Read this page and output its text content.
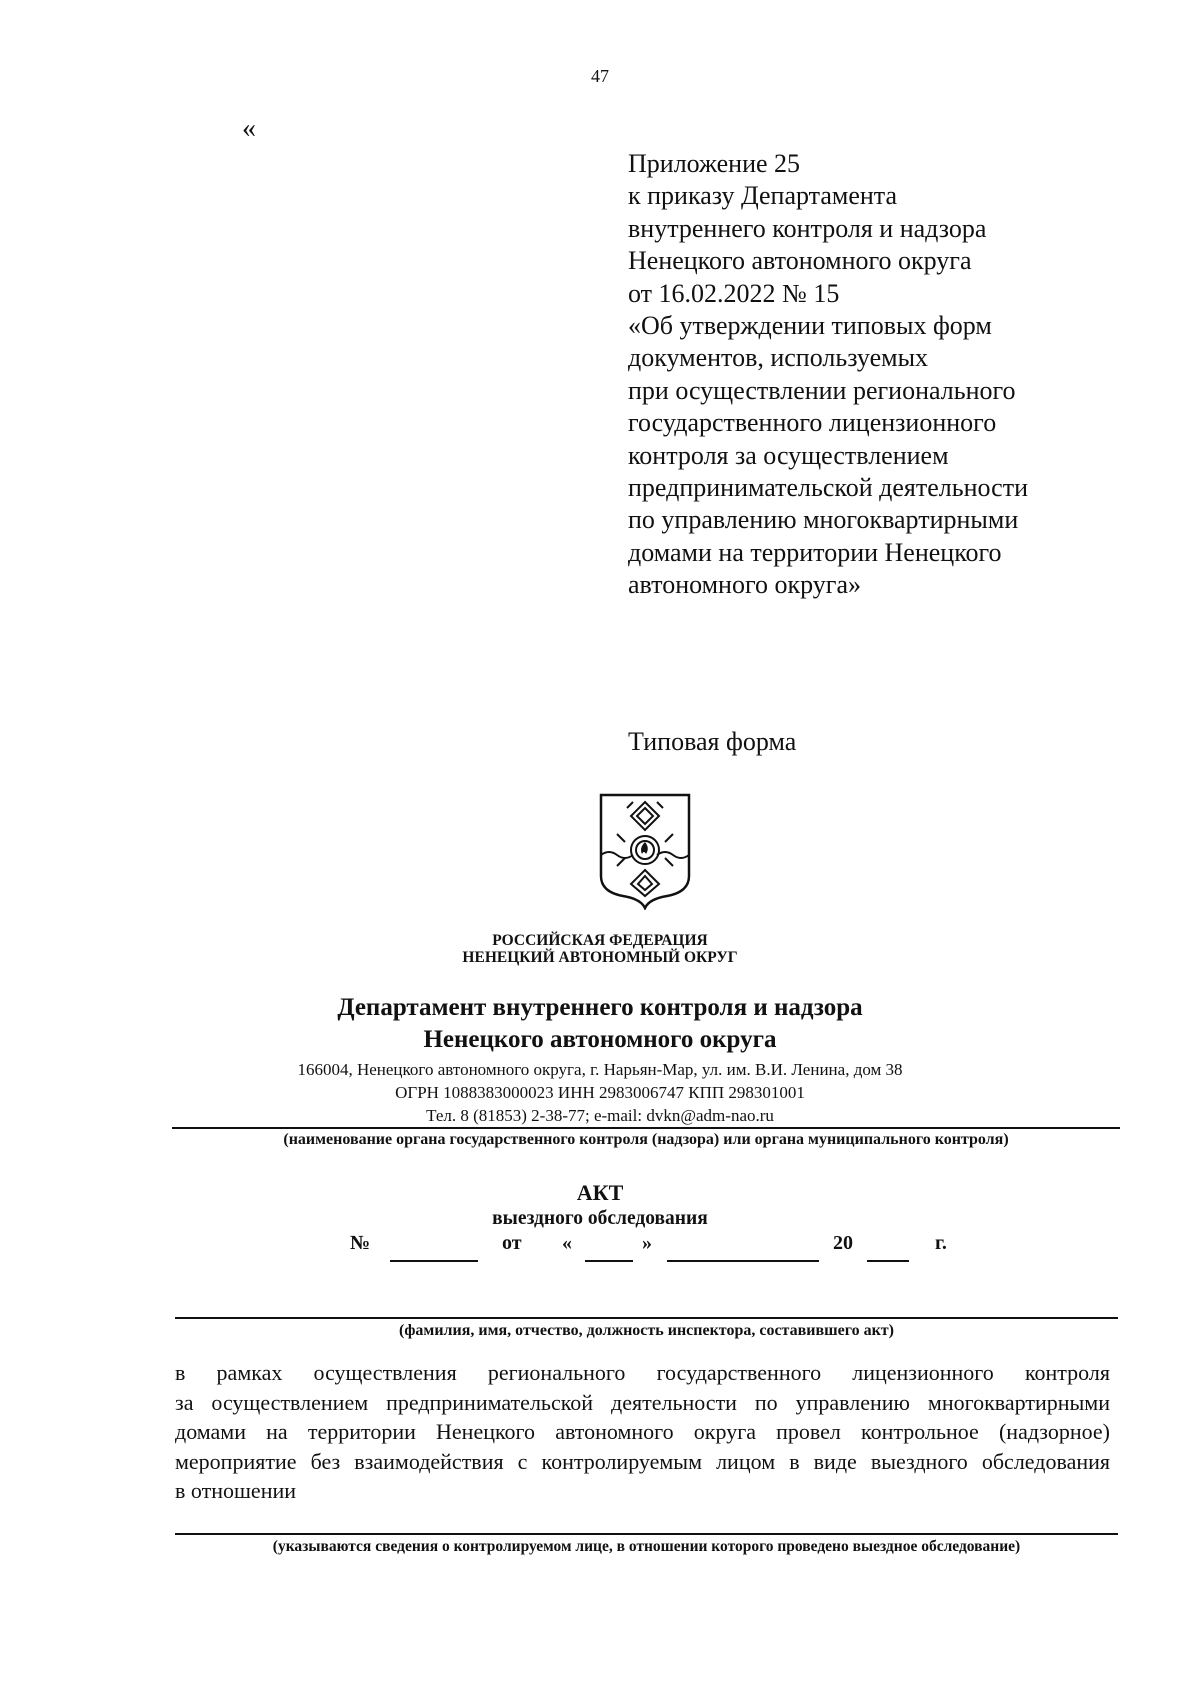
47
«
Приложение 25
к приказу Департамента
внутреннего контроля и надзора
Ненецкого автономного округа
от 16.02.2022 № 15
«Об утверждении типовых форм
документов, используемых
при осуществлении регионального
государственного лицензионного
контроля за осуществлением
предпринимательской деятельности
по управлению многоквартирными
домами на территории Ненецкого
автономного округа»
Типовая форма
РОССИЙСКАЯ ФЕДЕРАЦИЯ
НЕНЕЦКИЙ АВТОНОМНЫЙ ОКРУГ
Департамент внутреннего контроля и надзора
Ненецкого автономного округа
166004, Ненецкого автономного округа, г. Нарьян-Мар, ул. им. В.И. Ленина, дом 38
ОГРН 1088383000023 ИНН 2983006747 КПП 298301001
Тел. 8 (81853) 2-38-77; e-mail: dvkn@adm-nao.ru
(наименование органа государственного контроля (надзора) или органа муниципального контроля)
АКТ
выездного обследования
№	от «	»	20	г.
(фамилия, имя, отчество, должность инспектора, составившего акт)
в рамках осуществления регионального государственного лицензионного контроля
за осуществлением предпринимательской деятельности по управлению многоквартирными
домами на территории Ненецкого автономного округа провел контрольное (надзорное)
мероприятие без взаимодействия с контролируемым лицом в виде выездного обследования
в отношении
(указываются сведения о контролируемом лице, в отношении которого проведено выездное обследование)
